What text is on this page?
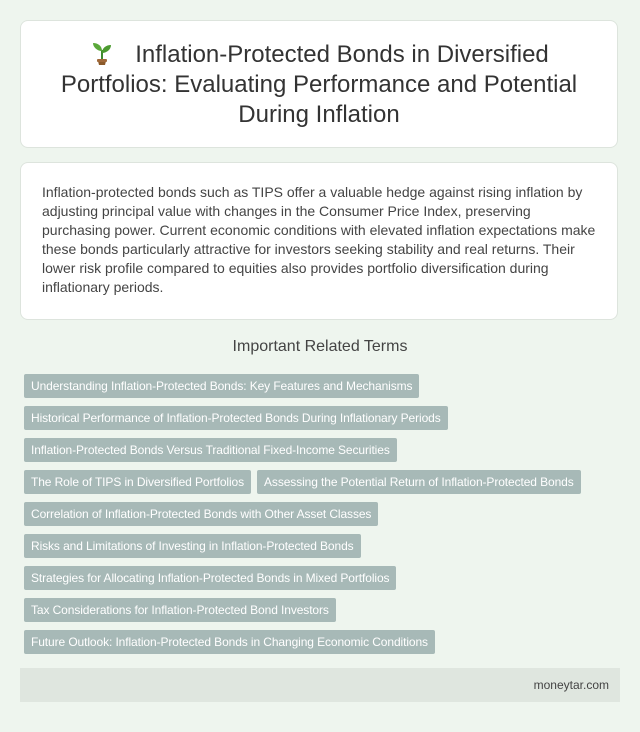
Inflation-Protected Bonds in Diversified Portfolios: Evaluating Performance and Potential During Inflation

Inflation-protected bonds such as TIPS offer a valuable hedge against rising inflation by adjusting principal value with changes in the Consumer Price Index, preserving purchasing power. Current economic conditions with elevated inflation expectations make these bonds particularly attractive for investors seeking stability and real returns. Their lower risk profile compared to equities also provides portfolio diversification during inflationary periods.

Important Related Terms
Understanding Inflation-Protected Bonds: Key Features and Mechanisms
Historical Performance of Inflation-Protected Bonds During Inflationary Periods
Inflation-Protected Bonds Versus Traditional Fixed-Income Securities
The Role of TIPS in Diversified Portfolios Assessing the Potential Return of Inflation-Protected Bonds
Correlation of Inflation-Protected Bonds with Other Asset Classes
Risks and Limitations of Investing in Inflation-Protected Bonds
Strategies for Allocating Inflation-Protected Bonds in Mixed Portfolios
Tax Considerations for Inflation-Protected Bond Investors
Future Outlook: Inflation-Protected Bonds in Changing Economic Conditions
moneytar.com
